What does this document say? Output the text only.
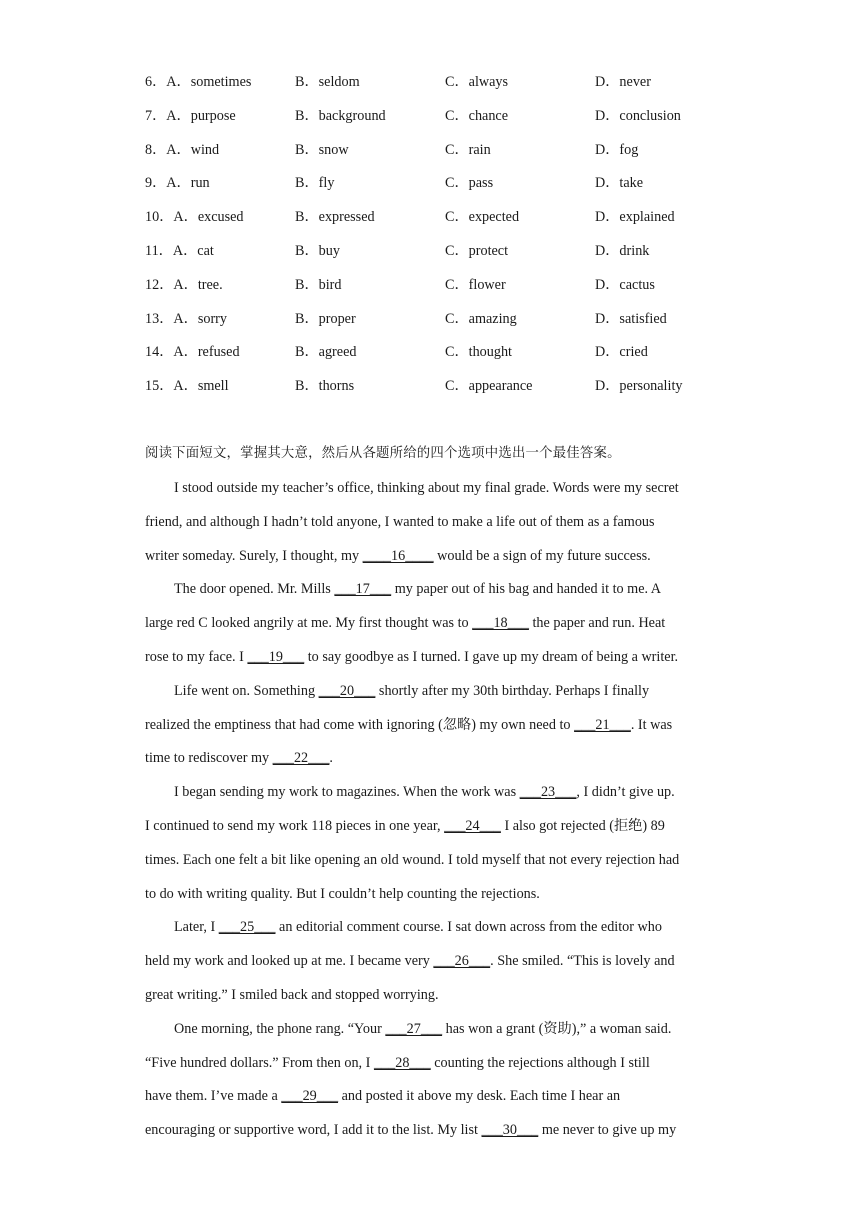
6．A．sometimes	B．seldom	C．always	D．never
7．A．purpose	B．background	C．chance	D．conclusion
8．A．wind	B．snow	C．rain	D．fog
9．A．run	B．fly	C．pass	D．take
10．A．excused	B．expressed	C．expected	D．explained
11．A．cat	B．buy	C．protect	D．drink
12．A．tree.	B．bird	C．flower	D．cactus
13．A．sorry	B．proper	C．amazing	D．satisfied
14．A．refused	B．agreed	C．thought	D．cried
15．A．smell	B．thorns	C．appearance	D．personality
阅读下面短文，掌握其大意，然后从各题所给的四个选项中选出一个最佳答案。
I stood outside my teacher’s office, thinking about my final grade. Words were my secret
friend, and although I hadn’t told anyone, I wanted to make a life out of them as a famous
writer someday. Surely, I thought, my ____16____ would be a sign of my future success.
The door opened. Mr. Mills ___17___ my paper out of his bag and handed it to me. A
large red C looked angrily at me. My first thought was to ___18___ the paper and run. Heat
rose to my face. I ___19___ to say goodbye as I turned. I gave up my dream of being a writer.
Life went on. Something ___20___ shortly after my 30th birthday. Perhaps I finally
realized the emptiness that had come with ignoring (忽略) my own need to ___21___. It was
time to rediscover my ___22___.
I began sending my work to magazines. When the work was ___23___, I didn’t give up.
I continued to send my work 118 pieces in one year, ___24___ I also got rejected (拒绝) 89
times. Each one felt a bit like opening an old wound. I told myself that not every rejection had
to do with writing quality. But I couldn’t help counting the rejections.
Later, I ___25___ an editorial comment course. I sat down across from the editor who
held my work and looked up at me. I became very ___26___. She smiled. “This is lovely and
great writing.” I smiled back and stopped worrying.
One morning, the phone rang. “Your ___27___ has won a grant (资助),” a woman said.
“Five hundred dollars.” From then on, I ___28___ counting the rejections although I still
have them. I’ve made a ___29___ and posted it above my desk. Each time I hear an
encouraging or supportive word, I add it to the list. My list ___30___ me never to give up my
